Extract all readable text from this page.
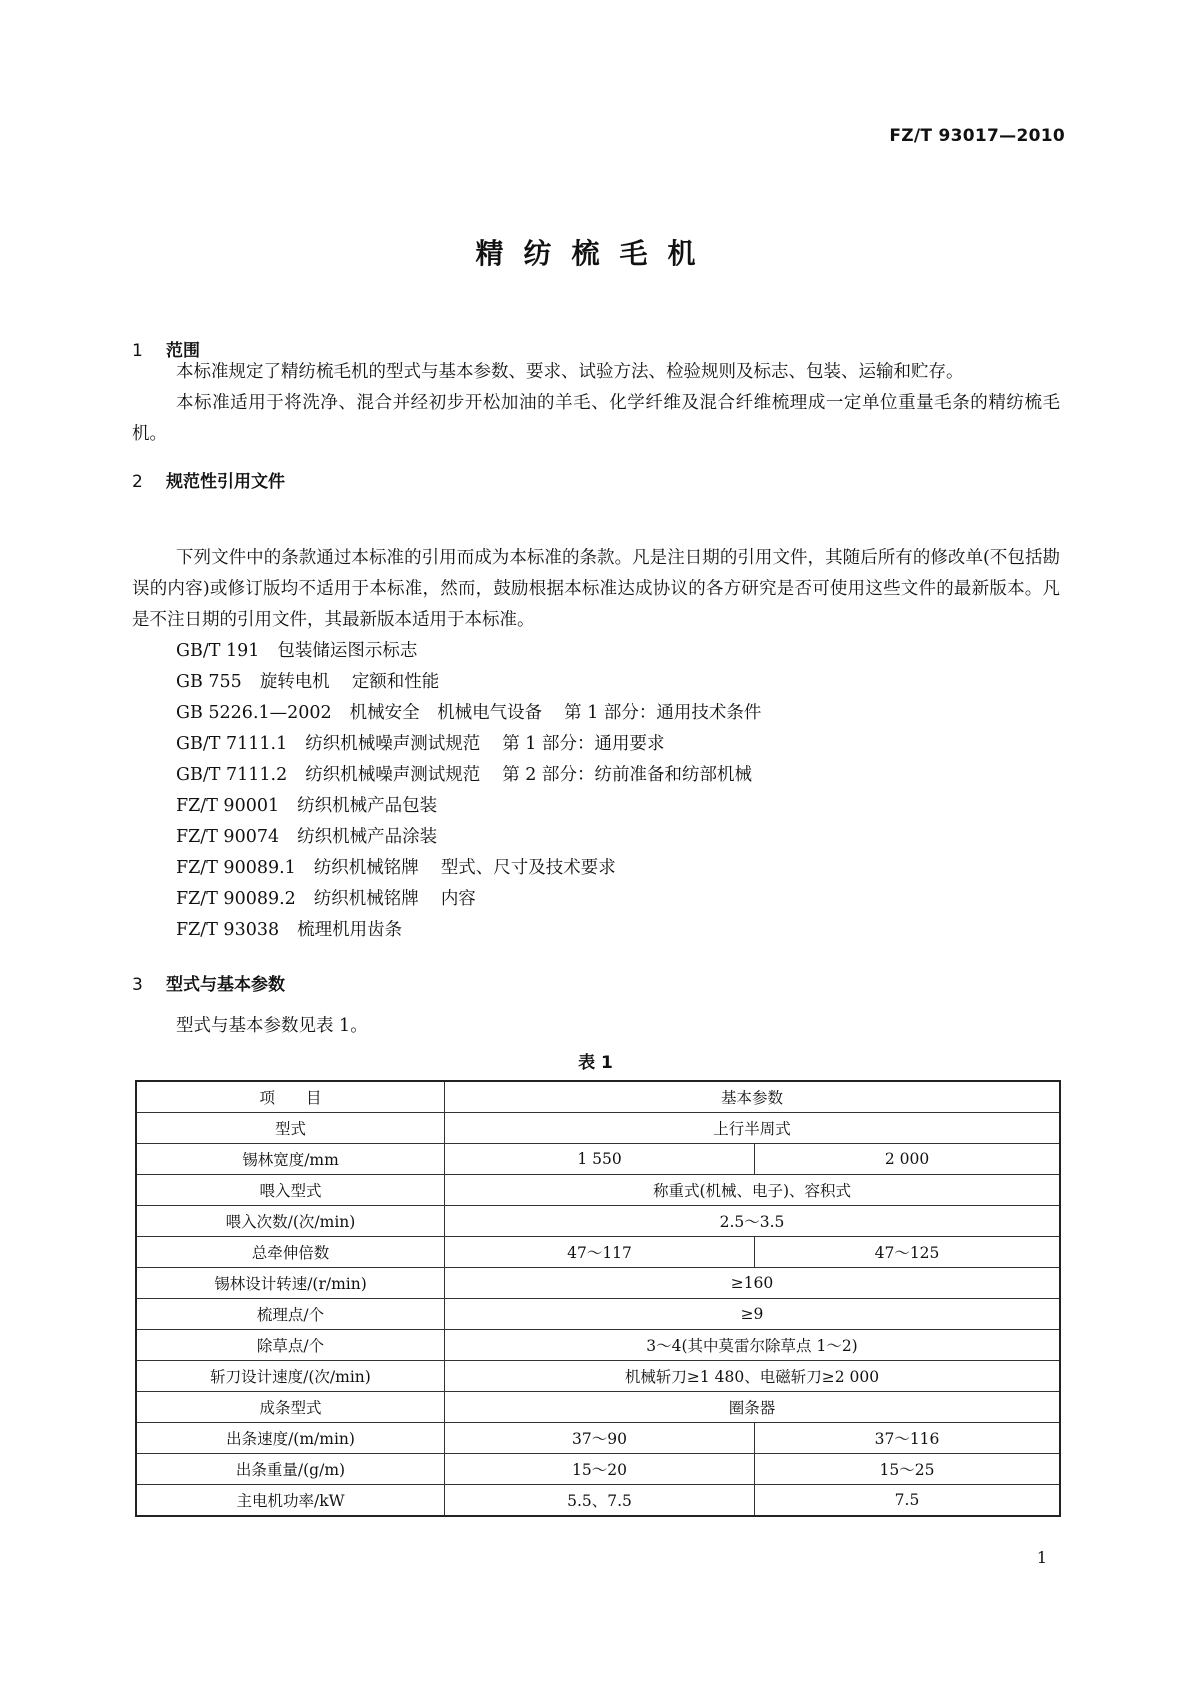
FZ/T 93017—2010
精纺梳毛机
1 范围
本标准规定了精纺梳毛机的型式与基本参数、要求、试验方法、检验规则及标志、包装、运输和贮存。
本标准适用于将洗净、混合并经初步开松加油的羊毛、化学纤维及混合纤维梳理成一定单位重量毛条的精纺梳毛机。
2 规范性引用文件
下列文件中的条款通过本标准的引用而成为本标准的条款。凡是注日期的引用文件，其随后所有的修改单(不包括勘误的内容)或修订版均不适用于本标准，然而，鼓励根据本标准达成协议的各方研究是否可使用这些文件的最新版本。凡是不注日期的引用文件，其最新版本适用于本标准。
GB/T 191 包装储运图示标志
GB 755 旋转电机 定额和性能
GB 5226.1—2002 机械安全　机械电气设备 第 1 部分：通用技术条件
GB/T 7111.1 纺织机械噪声测试规范 第 1 部分：通用要求
GB/T 7111.2 纺织机械噪声测试规范 第 2 部分：纺前准备和纺部机械
FZ/T 90001 纺织机械产品包装
FZ/T 90074 纺织机械产品涂装
FZ/T 90089.1 纺织机械铭牌 型式、尺寸及技术要求
FZ/T 90089.2 纺织机械铭牌 内容
FZ/T 93038 梳理机用齿条
3 型式与基本参数
型式与基本参数见表 1。
表 1
项　　目	基本参数	
型式	上行半周式	
锡林宽度/mm	1 550	2 000
喂入型式	称重式(机械、电子)、容积式	
喂入次数/(次/min)	2.5～3.5	
总牵伸倍数	47～117	47～125
锡林设计转速/(r/min)	≥160	
梳理点/个	≥9	
除草点/个	3～4(其中莫雷尔除草点 1～2)	
斩刀设计速度/(次/min)	机械斩刀≥1 480、电磁斩刀≥2 000	
成条型式	圈条器	
出条速度/(m/min)	37～90	37～116
出条重量/(g/m)	15～20	15～25
主电机功率/kW	5.5、7.5	7.5
1
